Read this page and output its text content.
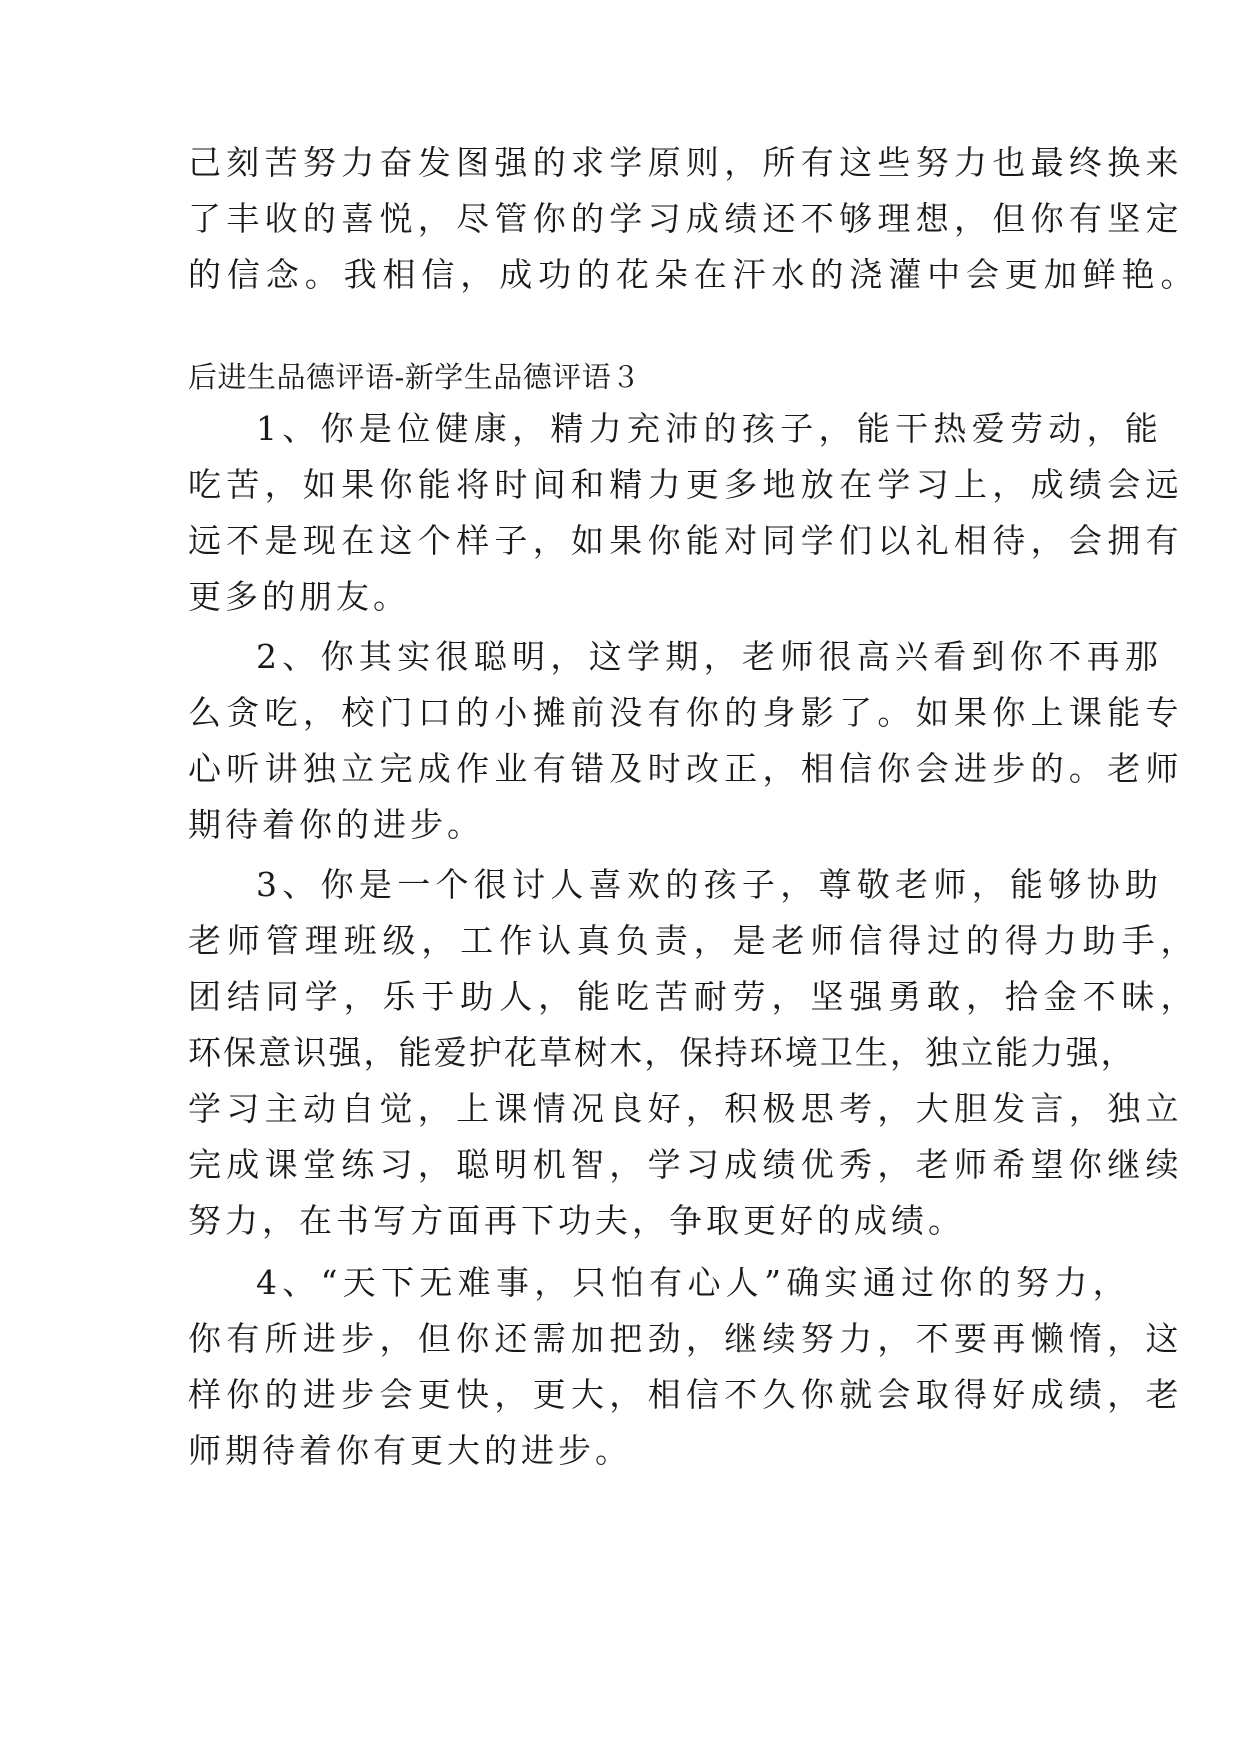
己刻苦努力奋发图强的求学原则，所有这些努力也最终换来
了丰收的喜悦，尽管你的学习成绩还不够理想，但你有坚定
的信念。我相信，成功的花朵在汗水的浇灌中会更加鲜艳。
后进生品德评语-新学生品德评语３
1、你是位健康，精力充沛的孩子，能干热爱劳动，能
吃苦，如果你能将时间和精力更多地放在学习上，成绩会远
远不是现在这个样子，如果你能对同学们以礼相待，会拥有
更多的朋友。
2、你其实很聪明，这学期，老师很高兴看到你不再那
么贪吃，校门口的小摊前没有你的身影了。如果你上课能专
心听讲独立完成作业有错及时改正，相信你会进步的。老师
期待着你的进步。
3、你是一个很讨人喜欢的孩子，尊敬老师，能够协助
老师管理班级，工作认真负责，是老师信得过的得力助手，
团结同学，乐于助人，能吃苦耐劳，坚强勇敢，拾金不昧，
环保意识强，能爱护花草树木，保持环境卫生，独立能力强，
学习主动自觉，上课情况良好，积极思考，大胆发言，独立
完成课堂练习，聪明机智，学习成绩优秀，老师希望你继续
努力，在书写方面再下功夫，争取更好的成绩。
4、“天下无难事，只怕有心人”确实通过你的努力，
你有所进步，但你还需加把劲，继续努力，不要再懒惰，这
样你的进步会更快，更大，相信不久你就会取得好成绩，老
师期待着你有更大的进步。
